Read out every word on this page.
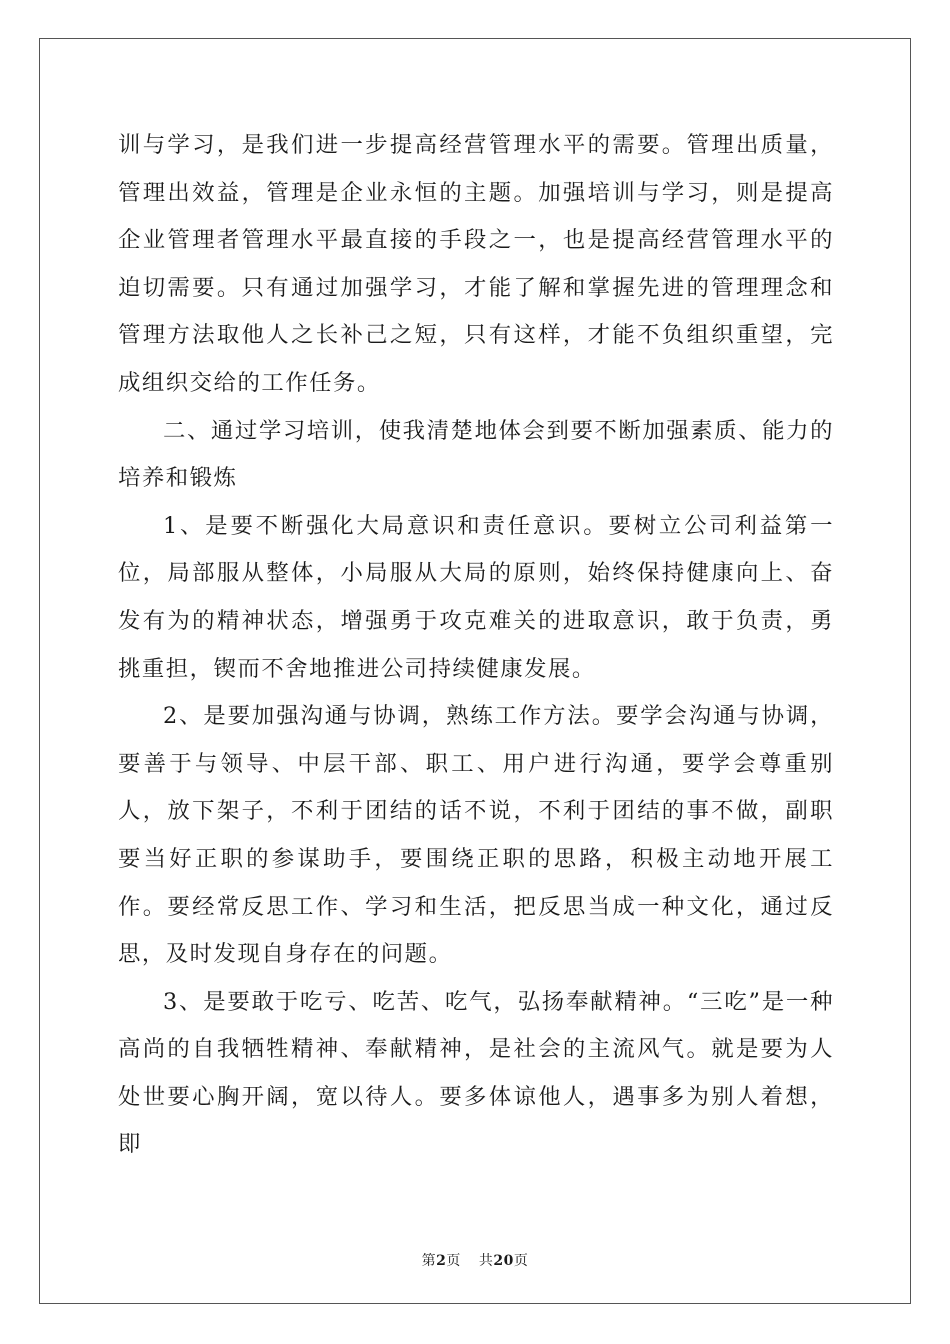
训与学习，是我们进一步提高经营管理水平的需要。管理出质量，管理出效益，管理是企业永恒的主题。加强培训与学习，则是提高企业管理者管理水平最直接的手段之一，也是提高经营管理水平的迫切需要。只有通过加强学习，才能了解和掌握先进的管理理念和管理方法取他人之长补己之短，只有这样，才能不负组织重望，完成组织交给的工作任务。

二、通过学习培训，使我清楚地体会到要不断加强素质、能力的培养和锻炼

1、是要不断强化大局意识和责任意识。要树立公司利益第一位，局部服从整体，小局服从大局的原则，始终保持健康向上、奋发有为的精神状态，增强勇于攻克难关的进取意识，敢于负责，勇挑重担，锲而不舍地推进公司持续健康发展。

2、是要加强沟通与协调，熟练工作方法。要学会沟通与协调，要善于与领导、中层干部、职工、用户进行沟通，要学会尊重别人，放下架子，不利于团结的话不说，不利于团结的事不做，副职要当好正职的参谋助手，要围绕正职的思路，积极主动地开展工作。要经常反思工作、学习和生活，把反思当成一种文化，通过反思，及时发现自身存在的问题。

3、是要敢于吃亏、吃苦、吃气，弘扬奉献精神。“三吃”是一种高尚的自我牺牲精神、奉献精神，是社会的主流风气。就是要为人处世要心胸开阔，宽以待人。要多体谅他人，遇事多为别人着想，即

第2页 共20页
